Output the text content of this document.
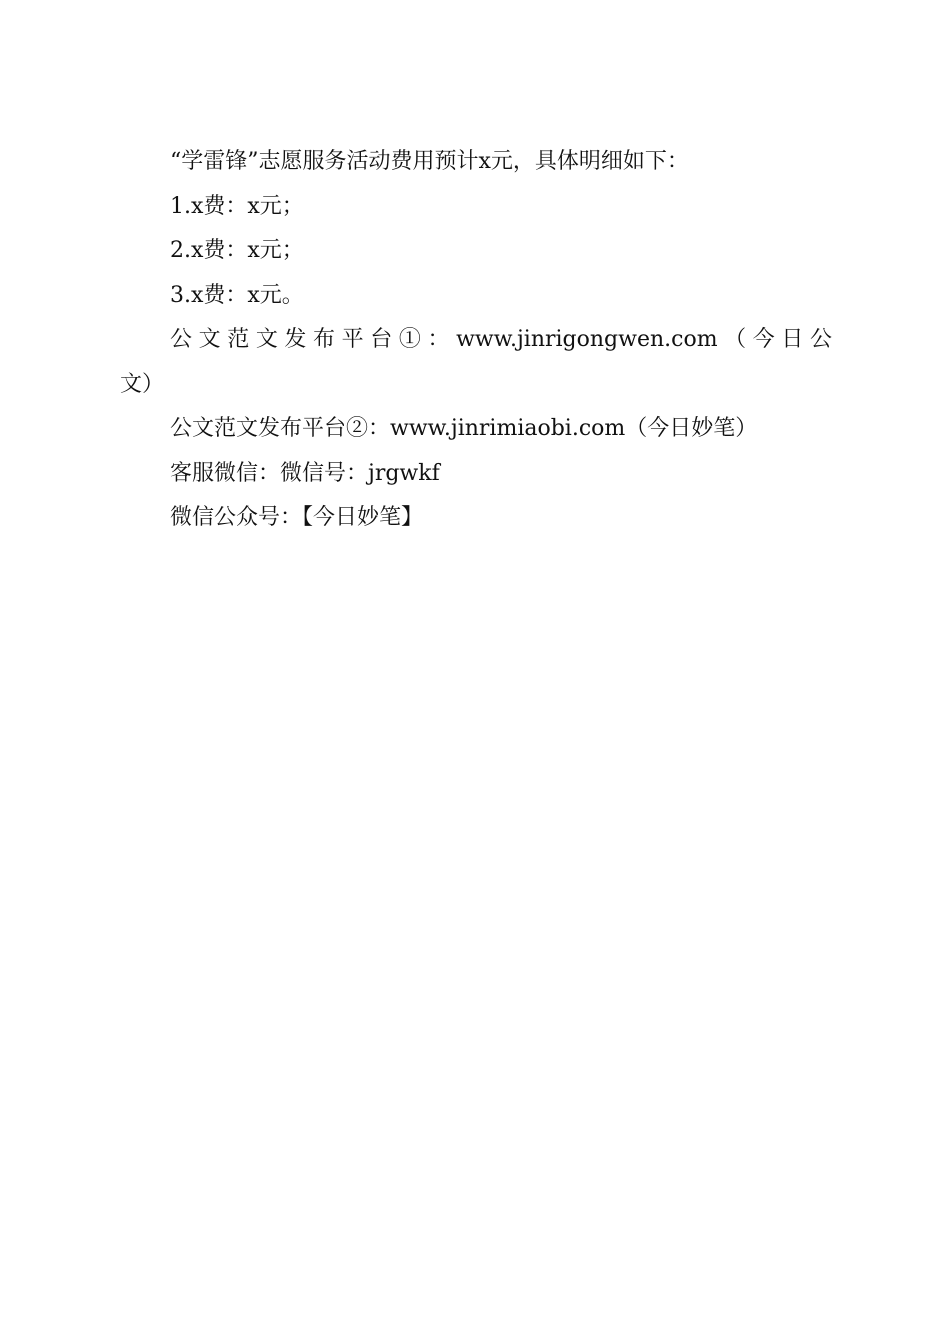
“学雷锋”志愿服务活动费用预计x元，具体明细如下：

1.x费：x元；

2.x费：x元；

3.x费：x元。

公文范文发布平台①：www.jinrigongwen.com（今日公
文）

公文范文发布平台②：www.jinrimiaobi.com（今日妙笔）

客服微信：微信号：jrgwkf

微信公众号：【今日妙笔】
